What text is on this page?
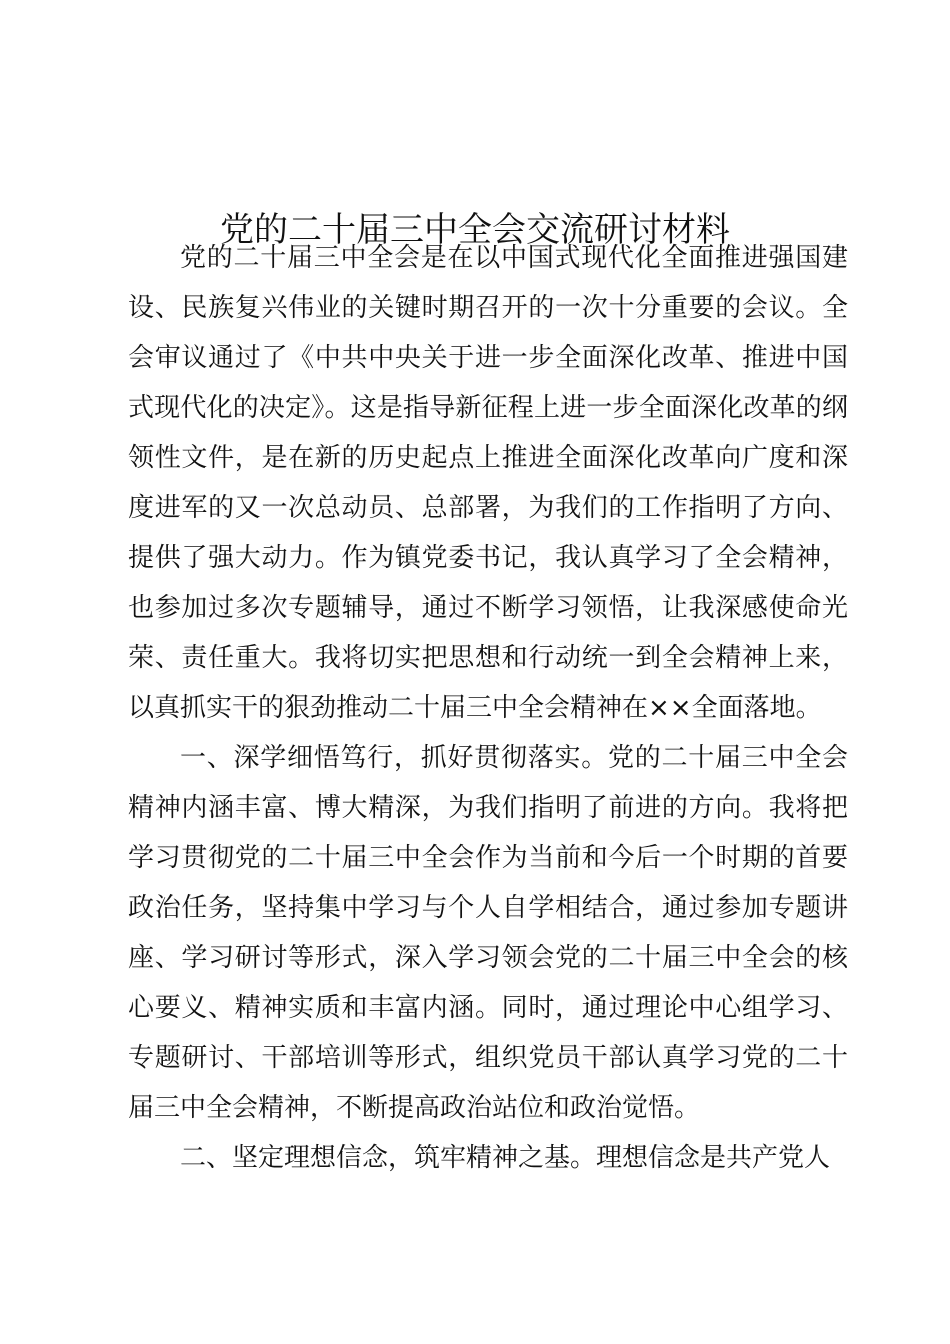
党的二十届三中全会交流研讨材料

党的二十届三中全会是在以中国式现代化全面推进强国建设、民族复兴伟业的关键时期召开的一次十分重要的会议。全会审议通过了《中共中央关于进一步全面深化改革、推进中国式现代化的决定》。这是指导新征程上进一步全面深化改革的纲领性文件，是在新的历史起点上推进全面深化改革向广度和深度进军的又一次总动员、总部署，为我们的工作指明了方向、提供了强大动力。作为镇党委书记，我认真学习了全会精神，也参加过多次专题辅导，通过不断学习领悟，让我深感使命光荣、责任重大。我将切实把思想和行动统一到全会精神上来，以真抓实干的狠劲推动二十届三中全会精神在××全面落地。

一、深学细悟笃行，抓好贯彻落实。党的二十届三中全会精神内涵丰富、博大精深，为我们指明了前进的方向。我将把学习贯彻党的二十届三中全会作为当前和今后一个时期的首要政治任务，坚持集中学习与个人自学相结合，通过参加专题讲座、学习研讨等形式，深入学习领会党的二十届三中全会的核心要义、精神实质和丰富内涵。同时，通过理论中心组学习、专题研讨、干部培训等形式，组织党员干部认真学习党的二十届三中全会精神，不断提高政治站位和政治觉悟。

二、坚定理想信念，筑牢精神之基。理想信念是共产党人
